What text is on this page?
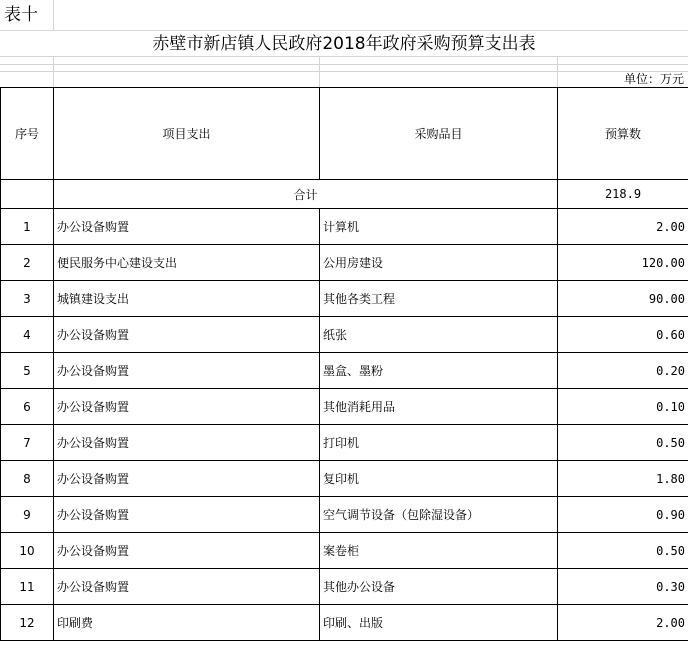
表十
赤壁市新店镇人民政府2018年政府采购预算支出表
单位：万元
序号	项目支出	采购品目	预算数
	合计		218.9
1	办公设备购置	计算机	2.00
2	便民服务中心建设支出	公用房建设	120.00
3	城镇建设支出	其他各类工程	90.00
4	办公设备购置	纸张	0.60
5	办公设备购置	墨盒、墨粉	0.20
6	办公设备购置	其他消耗用品	0.10
7	办公设备购置	打印机	0.50
8	办公设备购置	复印机	1.80
9	办公设备购置	空气调节设备（包除湿设备）	0.90
10	办公设备购置	案卷柜	0.50
11	办公设备购置	其他办公设备	0.30
12	印刷费	印刷、出版	2.00
